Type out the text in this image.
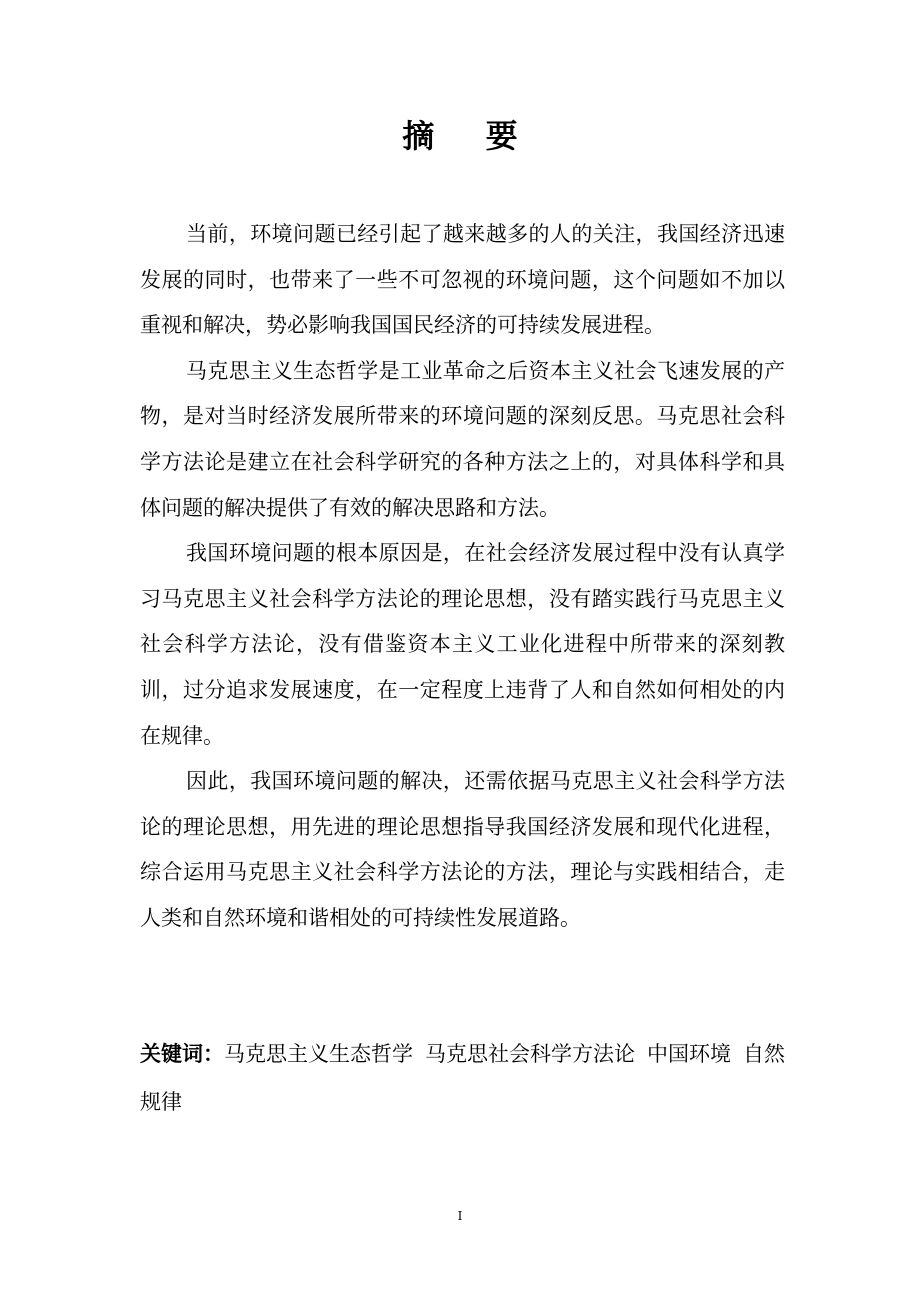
摘 要

当前，环境问题已经引起了越来越多的人的关注，我国经济迅速发展的同时，也带来了一些不可忽视的环境问题，这个问题如不加以重视和解决，势必影响我国国民经济的可持续发展进程。

马克思主义生态哲学是工业革命之后资本主义社会飞速发展的产物，是对当时经济发展所带来的环境问题的深刻反思。马克思社会科学方法论是建立在社会科学研究的各种方法之上的，对具体科学和具体问题的解决提供了有效的解决思路和方法。

我国环境问题的根本原因是，在社会经济发展过程中没有认真学习马克思主义社会科学方法论的理论思想，没有踏实践行马克思主义社会科学方法论，没有借鉴资本主义工业化进程中所带来的深刻教训，过分追求发展速度，在一定程度上违背了人和自然如何相处的内在规律。

因此，我国环境问题的解决，还需依据马克思主义社会科学方法论的理论思想，用先进的理论思想指导我国经济发展和现代化进程，综合运用马克思主义社会科学方法论的方法，理论与实践相结合，走人类和自然环境和谐相处的可持续性发展道路。

关键词：马克思主义生态哲学 马克思社会科学方法论 中国环境 自然规律

I
